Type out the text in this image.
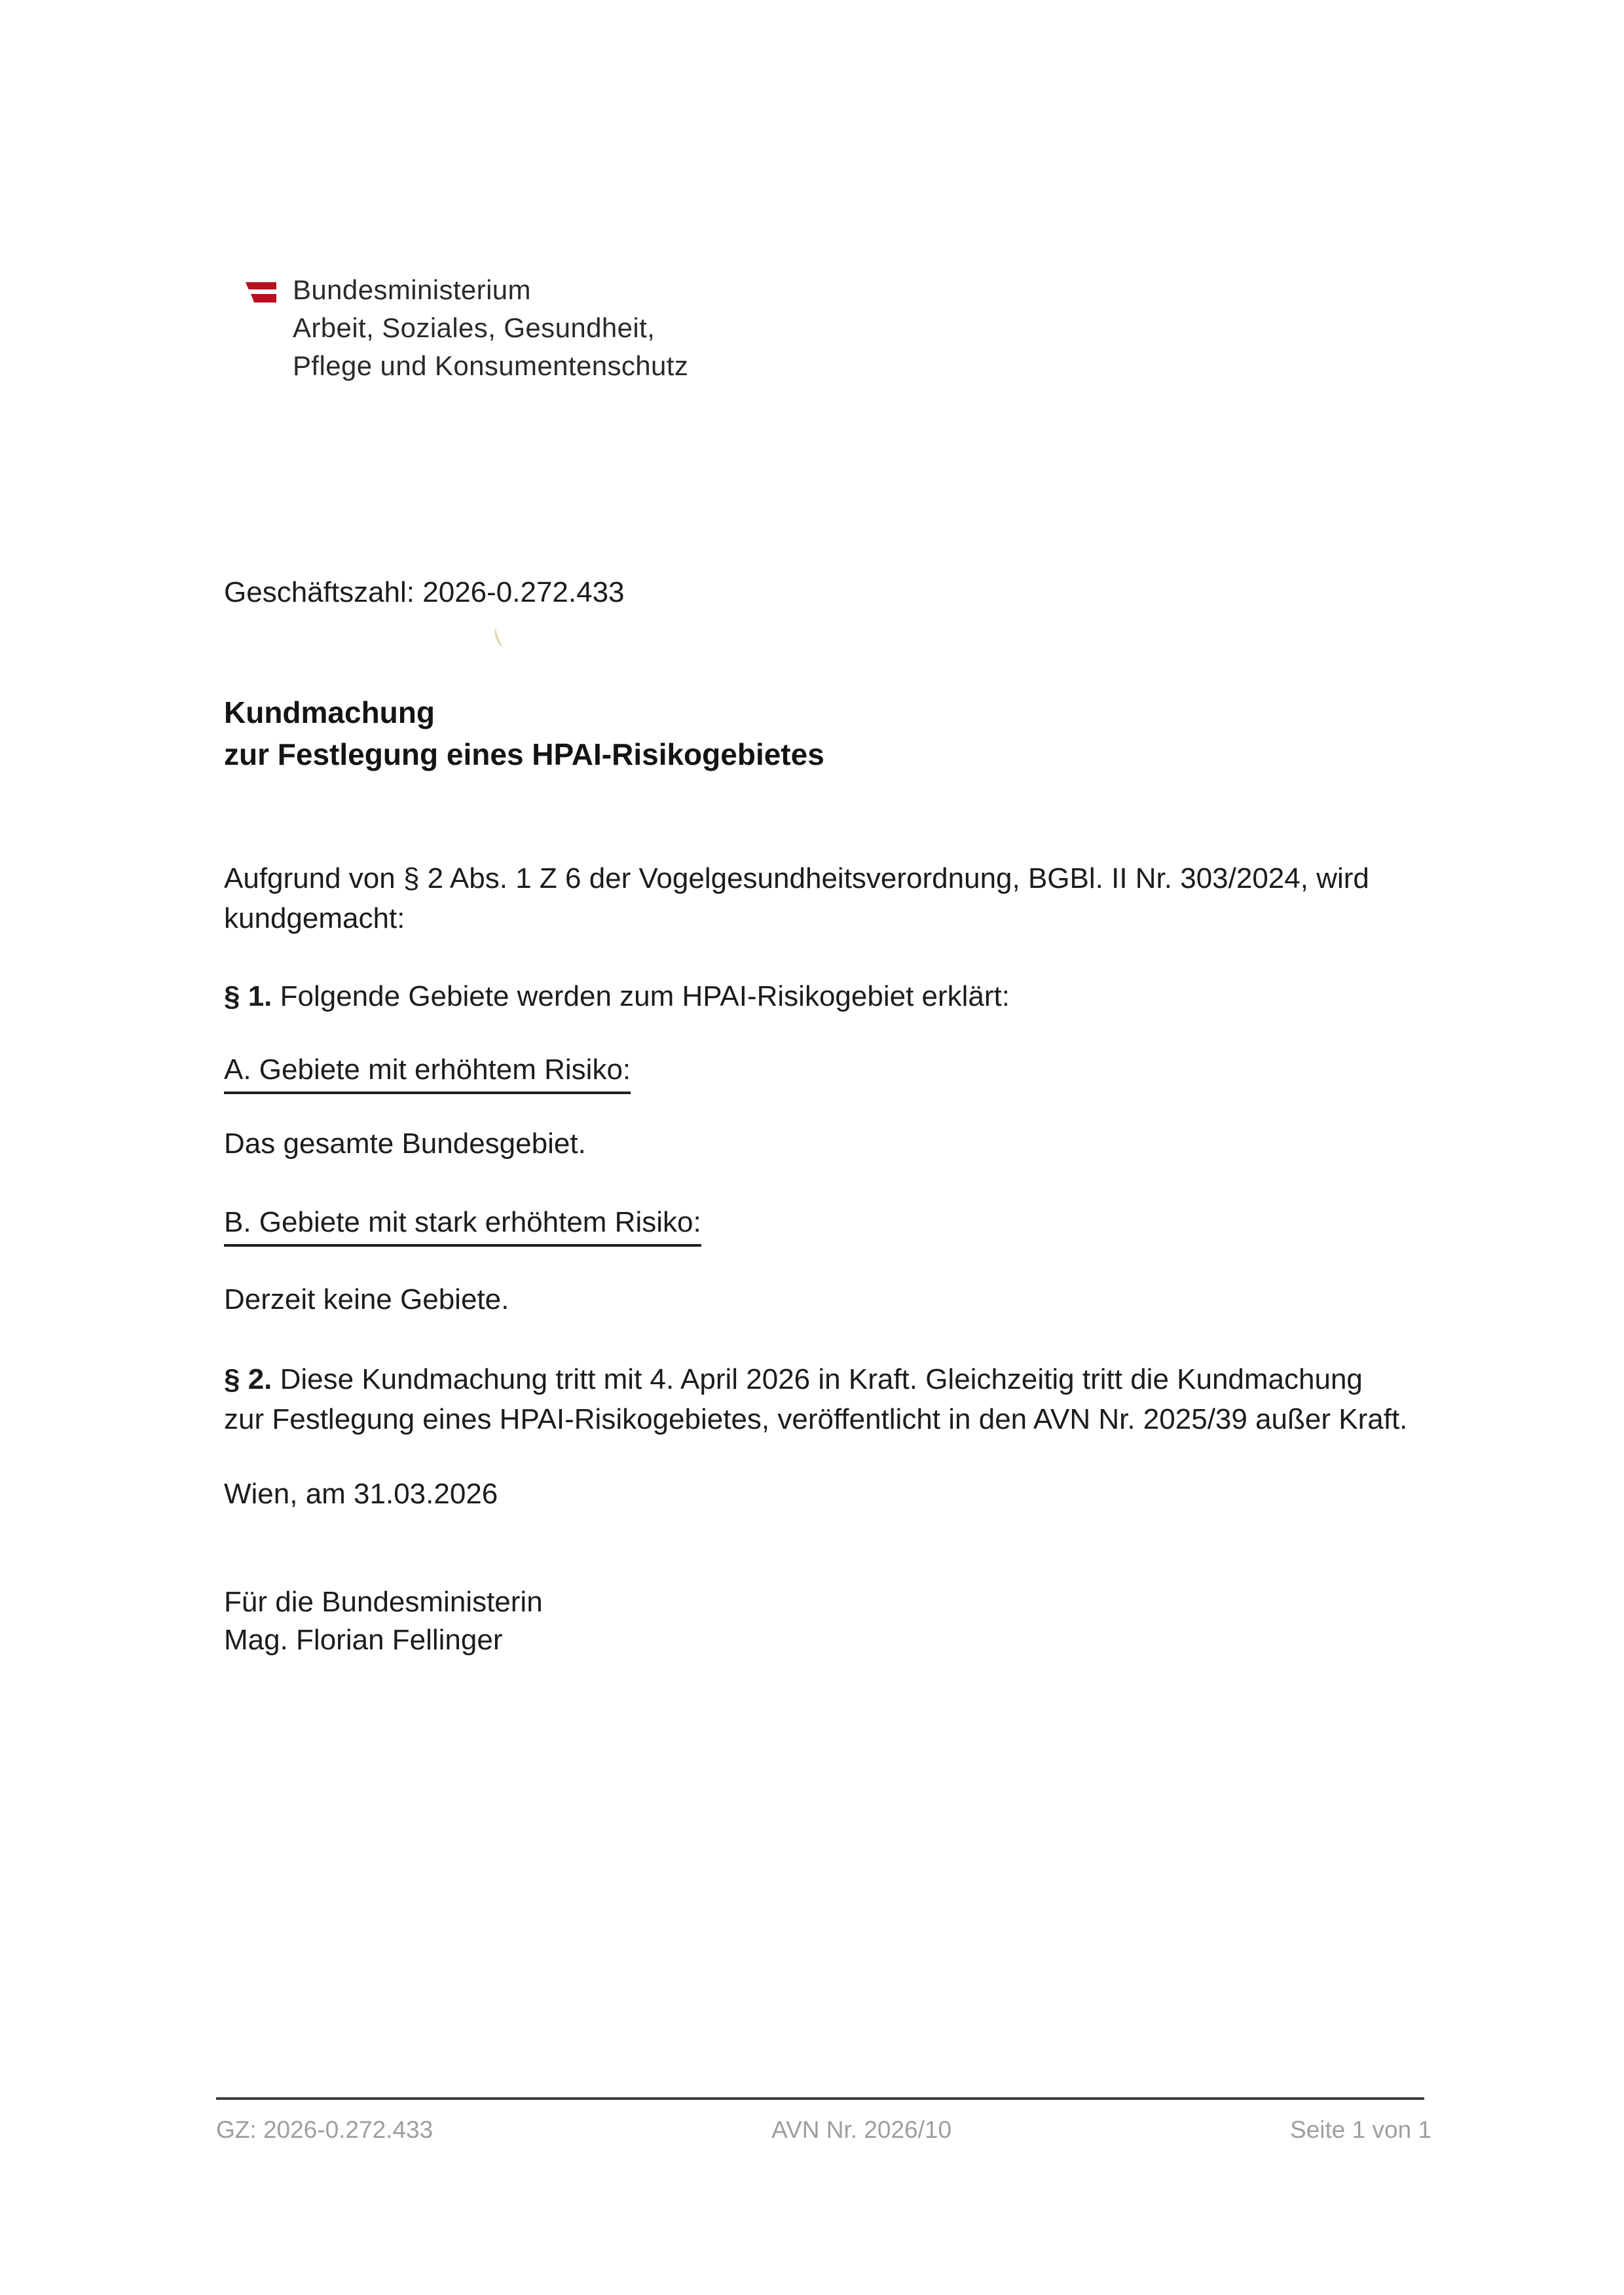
Bundesministerium
Arbeit, Soziales, Gesundheit,
Pflege und Konsumentenschutz
Geschäftszahl: 2026-0.272.433
Kundmachung
zur Festlegung eines HPAI-Risikogebietes
Aufgrund von § 2 Abs. 1 Z 6 der Vogelgesundheitsverordnung, BGBl. II Nr. 303/2024, wird
kundgemacht:
§ 1. Folgende Gebiete werden zum HPAI-Risikogebiet erklärt:
A. Gebiete mit erhöhtem Risiko:
Das gesamte Bundesgebiet.
B. Gebiete mit stark erhöhtem Risiko:
Derzeit keine Gebiete.
§ 2. Diese Kundmachung tritt mit 4. April 2026 in Kraft. Gleichzeitig tritt die Kundmachung
zur Festlegung eines HPAI-Risikogebietes, veröffentlicht in den AVN Nr. 2025/39 außer Kraft.
Wien, am 31.03.2026
Für die Bundesministerin
Mag. Florian Fellinger
GZ: 2026-0.272.433	AVN Nr. 2026/10	Seite 1 von 1
